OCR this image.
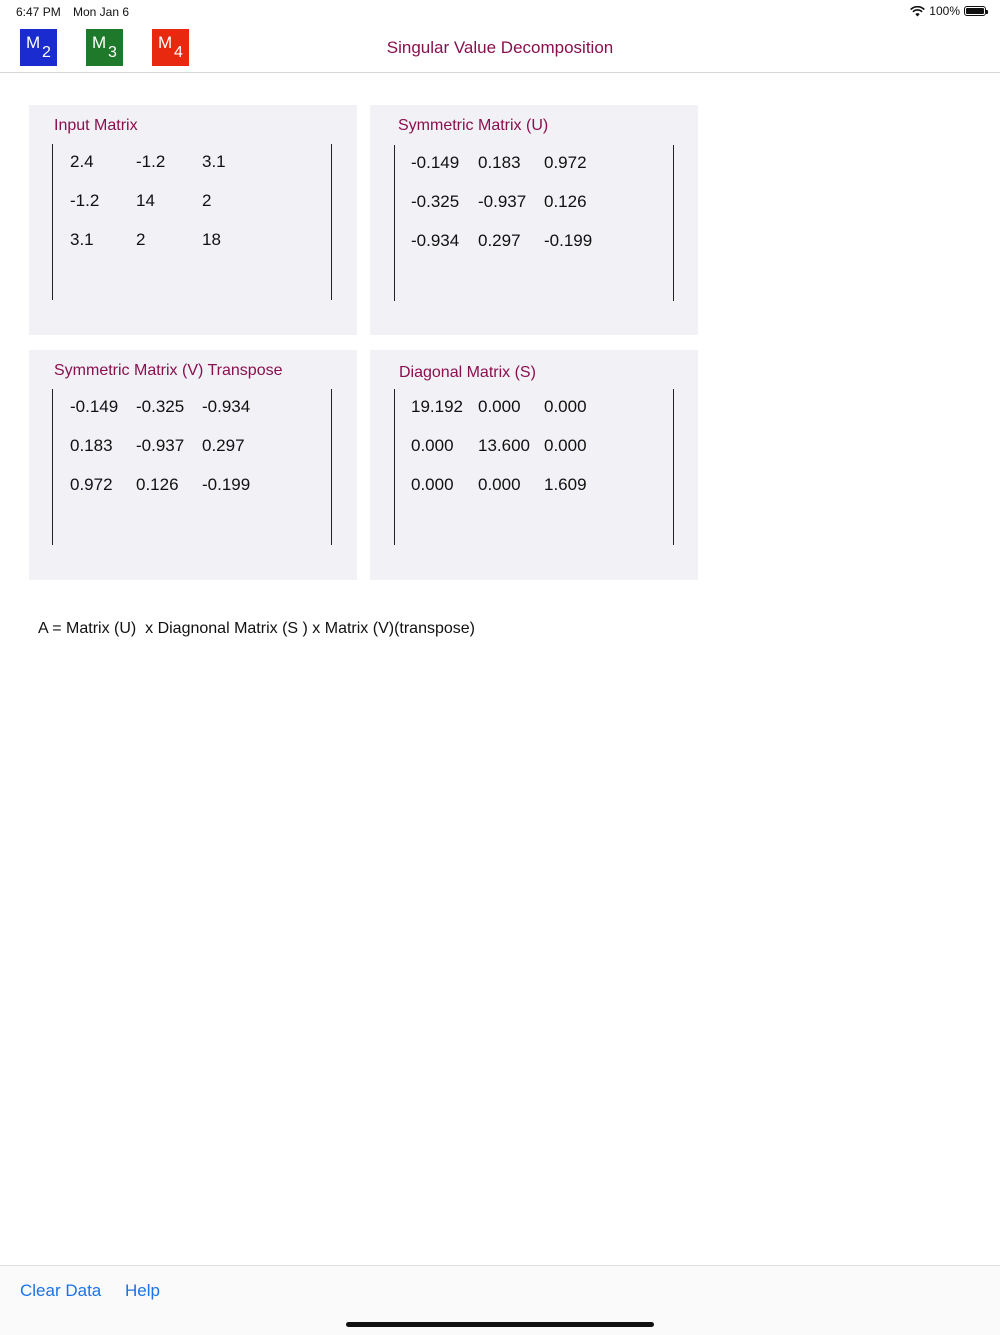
6:47 PM Mon Jan 6	100%
M
2
M
3
M
4	Singular Value Decomposition
Input Matrix
2.4 -1.2 3.1
-1.2 14	2
3.1 2	18
Symmetric Matrix (U)
-0.149 0.183 0.972
-0.325 -0.937 0.126
-0.934 0.297 -0.199
Symmetric Matrix (V) Transpose
-0.149 -0.325 -0.934
0.183 -0.937 0.297
0.972 0.126 -0.199
Diagonal Matrix (S)
19.192 0.000 0.000
0.000 13.600 0.000
0.000 0.000 1.609
A = Matrix (U)  x Diagnonal Matrix (S ) x Matrix (V)(transpose)
Clear Data Help
